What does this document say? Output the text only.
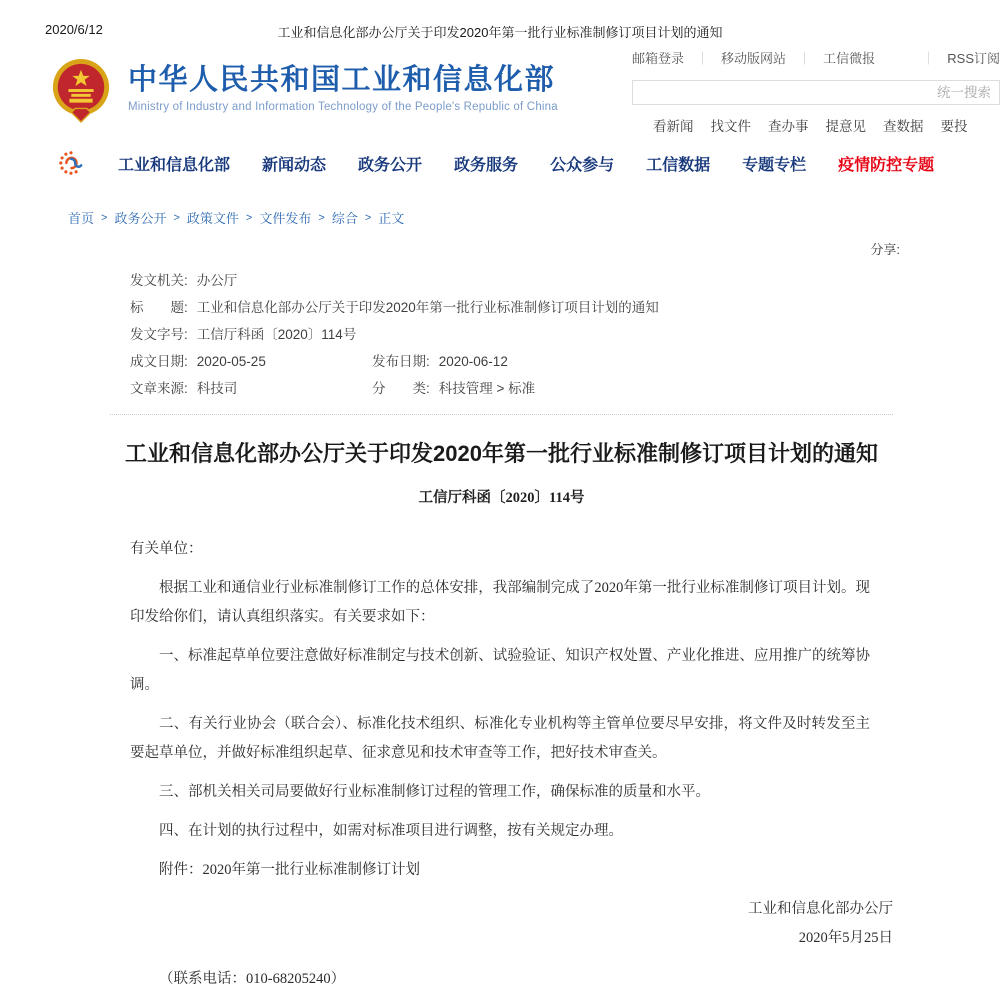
2020/6/12	工业和信息化部办公厅关于印发2020年第一批行业标准制修订项目计划的通知
中华人民共和国工业和信息化部
Ministry of Industry and Information Technology of the People's Republic of China
邮箱登录 ｜ 移动版网站 ｜ 工信微报	｜ RSS订阅
统一搜索
看新闻 找文件 查办事 提意见 查数据 要投
工业和信息化部 新闻动态 政务公开 政务服务 公众参与 工信数据 专题专栏 疫情防控专题
首页 > 政务公开 > 政策文件 > 文件发布 > 综合 > 正文
分享:
发文机关: 办公厅
标　　题: 工业和信息化部办公厅关于印发2020年第一批行业标准制修订项目计划的通知
发文字号: 工信厅科函〔2020〕114号
成文日期: 2020-05-25	发布日期: 2020-06-12
文章来源: 科技司	分　　类: 科技管理 > 标准
工业和信息化部办公厅关于印发2020年第一批行业标准制修订项目计划的通知
工信厅科函〔2020〕114号

有关单位：

根据工业和通信业行业标准制修订工作的总体安排，我部编制完成了2020年第一批行业标准制修订项目计划。现印发给你们，请认真组织落实。有关要求如下：

一、标准起草单位要注意做好标准制定与技术创新、试验验证、知识产权处置、产业化推进、应用推广的统筹协调。

二、有关行业协会（联合会）、标准化技术组织、标准化专业机构等主管单位要尽早安排，将文件及时转发至主要起草单位，并做好标准组织起草、征求意见和技术审查等工作，把好技术审查关。

三、部机关相关司局要做好行业标准制修订过程的管理工作，确保标准的质量和水平。

四、在计划的执行过程中，如需对标准项目进行调整，按有关规定办理。

附件：2020年第一批行业标准制修订计划

工业和信息化部办公厅
2020年5月25日
（联系电话：010-68205240）
